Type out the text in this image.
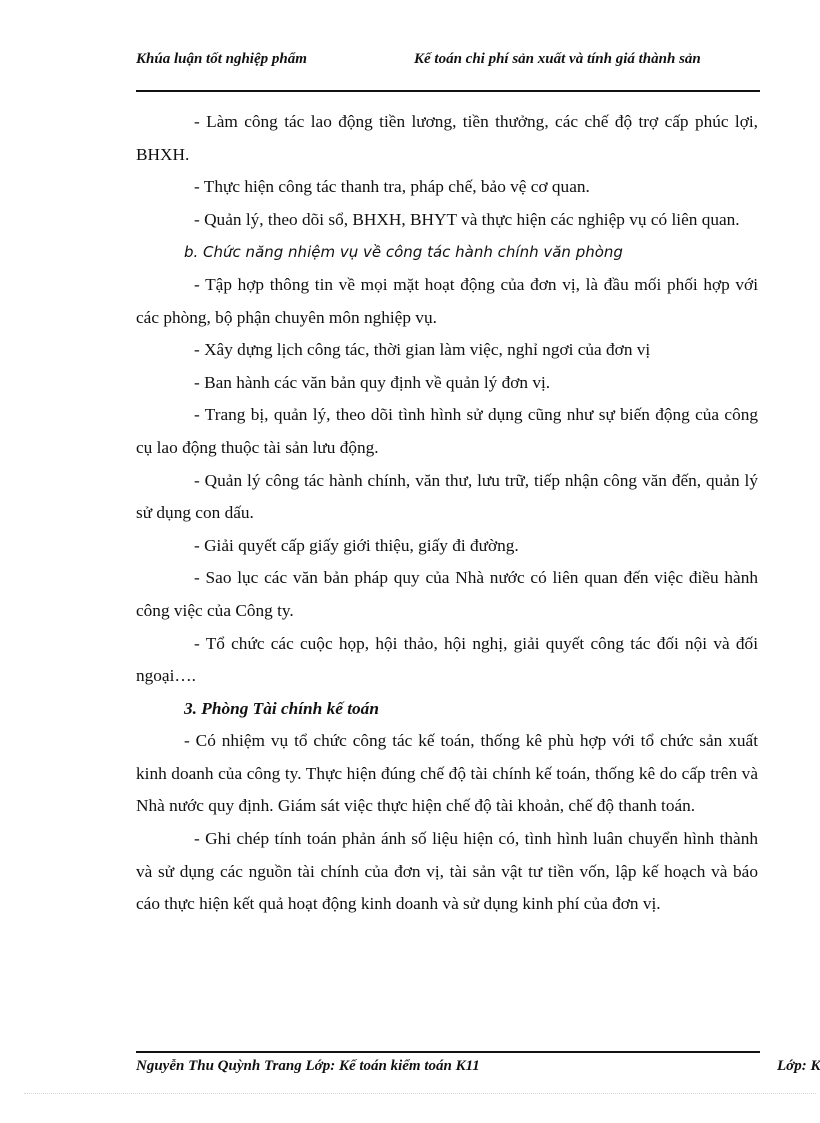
Khúa luận tốt nghiệp phẩm	Kế toán chi phí sản xuất và tính giá thành sản

- Làm công tác lao động tiền lương, tiền thưởng, các chế độ trợ cấp phúc lợi, BHXH.

- Thực hiện công tác thanh tra, pháp chế, bảo vệ cơ quan.

- Quản lý, theo dõi sổ, BHXH, BHYT và thực hiện các nghiệp vụ có liên quan.

b. Chức năng nhiệm vụ về công tác hành chính văn phòng

- Tập hợp thông tin về mọi mặt hoạt động của đơn vị, là đầu mối phối hợp với các phòng, bộ phận chuyên môn nghiệp vụ.

- Xây dựng lịch công tác, thời gian làm việc, nghỉ ngơi của đơn vị

- Ban hành các văn bản quy định về quản lý đơn vị.

- Trang bị, quản lý, theo dõi tình hình sử dụng cũng như sự biến động của công cụ lao động thuộc tài sản lưu động.

- Quản lý công tác hành chính, văn thư, lưu trữ, tiếp nhận công văn đến, quản lý sử dụng con dấu.

- Giải quyết cấp giấy giới thiệu, giấy đi đường.

- Sao lục các văn bản pháp quy của Nhà nước có liên quan đến việc điều hành công việc của Công ty.

- Tổ chức các cuộc họp, hội thảo, hội nghị, giải quyết công tác đối nội và đối ngoại….

3. Phòng Tài chính kế toán

- Có nhiệm vụ tổ chức công tác kế toán, thống kê phù hợp với tổ chức sản xuất kinh doanh của công ty. Thực hiện đúng chế độ tài chính kế toán, thống kê do cấp trên và Nhà nước quy định. Giám sát việc thực hiện chế độ tài khoản, chế độ thanh toán.

- Ghi chép tính toán phản ánh số liệu hiện có, tình hình luân chuyển hình thành và sử dụng các nguồn tài chính của đơn vị, tài sản vật tư tiền vốn, lập kế hoạch và báo cáo thực hiện kết quả hoạt động kinh doanh và sử dụng kinh phí của đơn vị.

Nguyễn Thu Quỳnh Trang Lớp: Kế toán kiểm toán K11	Lớp: K
